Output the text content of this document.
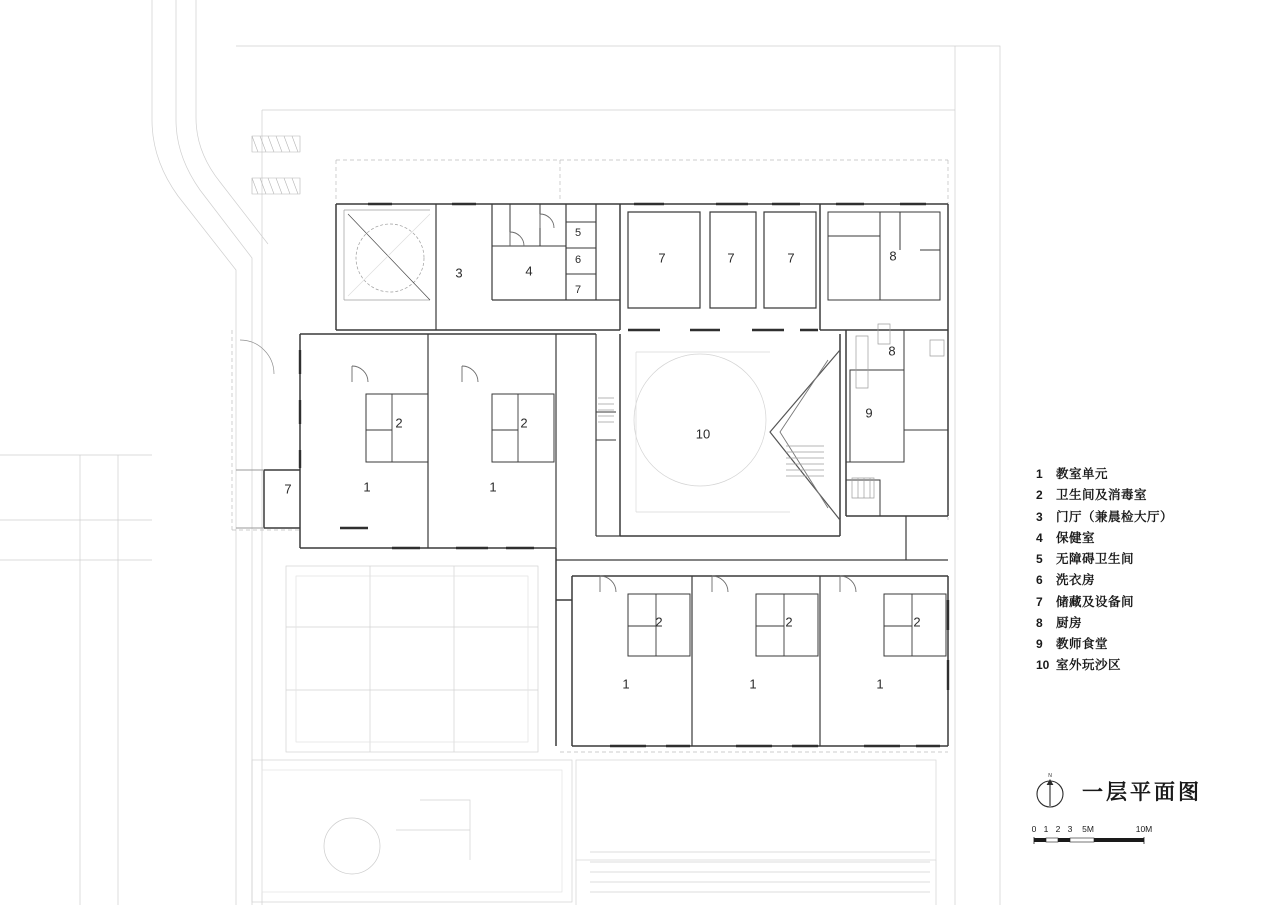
3	4
5
6
7
7	7	7	8
8
9
10
2	2
1	1
7
2	2	2
1	1	1
1	教室单元
2	卫生间及消毒室
3	门厅（兼晨检大厅）
4	保健室
5	无障碍卫生间
6	洗衣房
7	储藏及设备间
8	厨房
9	教师食堂
10 室外玩沙区
N
一层平面图
0 1 2 3 5M	10M
